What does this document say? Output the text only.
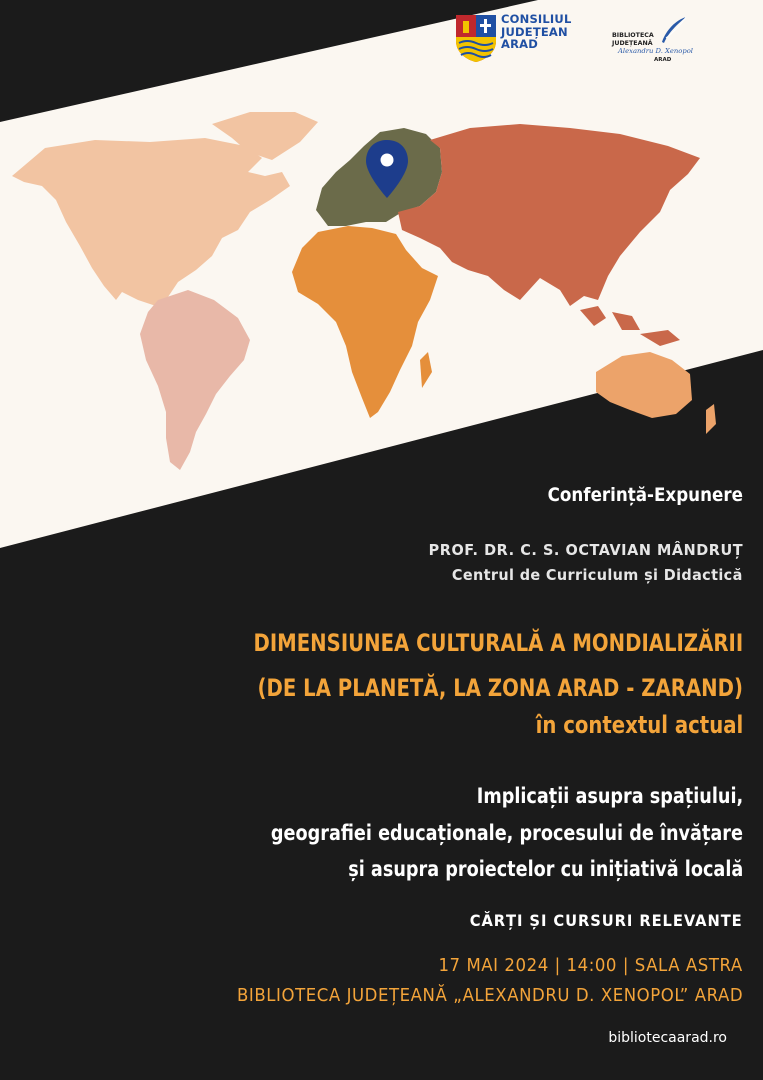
CONSILIUL
JUDEȚEAN
ARAD
BIBLIOTECA
JUDEȚEANĂ
Alexandru D. Xenopol
ARAD
Conferință-Expunere
PROF. DR. C. S. OCTAVIAN MÂNDRUȚ
Centrul de Curriculum și Didactică
DIMENSIUNEA CULTURALĂ A MONDIALIZĂRII
(DE LA PLANETĂ, LA ZONA ARAD - ZARAND)
în contextul actual
Implicații asupra spațiului,
geografiei educaționale, procesului de învățare
și asupra proiectelor cu inițiativă locală
CĂRȚI ȘI CURSURI RELEVANTE
17 MAI 2024 | 14:00 | SALA ASTRA
BIBLIOTECA JUDEȚEANĂ „ALEXANDRU D. XENOPOL” ARAD
bibliotecaarad.ro
